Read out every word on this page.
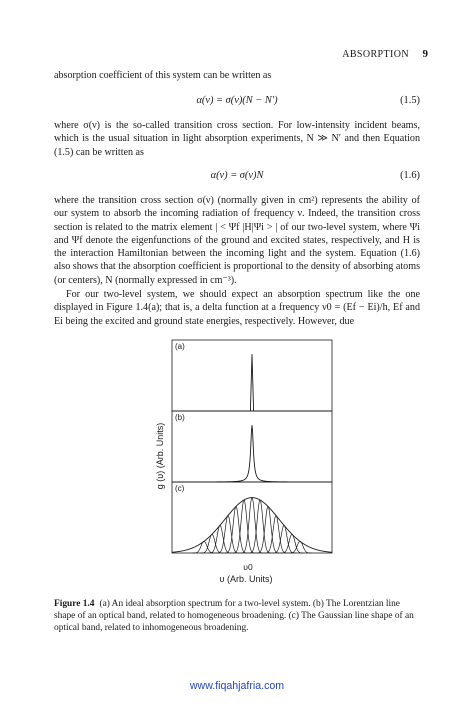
ABSORPTION 9
absorption coefficient of this system can be written as
α(ν) = σ(ν)(N − N′)	(1.5)
where σ(ν) is the so-called transition cross section. For low-intensity incident beams, which is the usual situation in light absorption experiments, N ≫ N′ and then Equation (1.5) can be written as
α(ν) = σ(ν)N	(1.6)
where the transition cross section σ(ν) (normally given in cm²) represents the ability of our system to absorb the incoming radiation of frequency ν. Indeed, the transition cross section is related to the matrix element | < Ψf |H|Ψi > | of our two-level system, where Ψi and Ψf denote the eigenfunctions of the ground and excited states, respectively, and H is the interaction Hamiltonian between the incoming light and the system. Equation (1.6) also shows that the absorption coefficient is proportional to the density of absorbing atoms (or centers), N (normally expressed in cm⁻³).
For our two-level system, we should expect an absorption spectrum like the one displayed in Figure 1.4(a); that is, a delta function at a frequency ν0 = (Ef − Ei)/h, Ef and Ei being the excited and ground state energies, respectively. However, due
(a)
(b)
(c)
g (υ) (Arb. Units)
υ0
υ (Arb. Units)
Figure 1.4 (a) An ideal absorption spectrum for a two-level system. (b) The Lorentzian line shape of an optical band, related to homogeneous broadening. (c) The Gaussian line shape of an optical band, related to inhomogeneous broadening.
www.fiqahjafria.com
